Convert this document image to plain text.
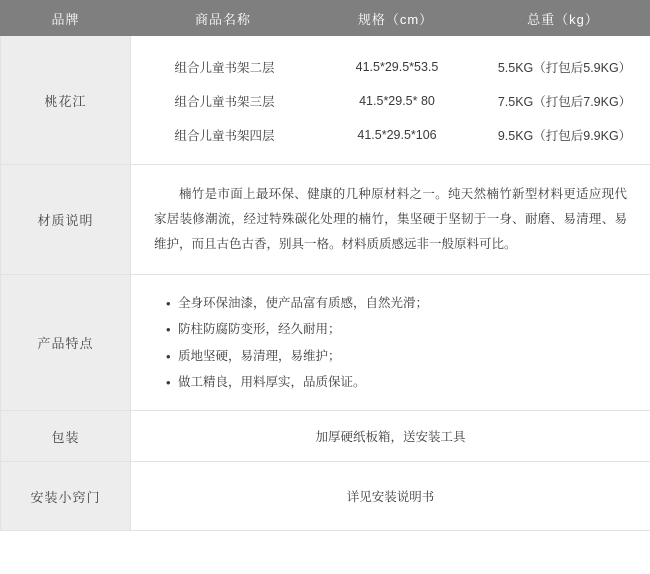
品牌	商品名称	规格（cm）	总重（kg）
桃花江	
组合儿童书架二层	41.5*29.5*53.5	5.5KG（打包后5.9KG）
组合儿童书架三层	41.5*29.5* 80	7.5KG（打包后7.9KG）
组合儿童书架四层	41.5*29.5*106	9.5KG（打包后9.9KG）

材质说明	
楠竹是市面上最环保、健康的几种原材料之一。纯天然楠竹新型材料更适应现代家居装修潮流，经过特殊碳化处理的楠竹，集坚硬于坚韧于一身、耐磨、易清理、易维护，而且古色古香，别具一格。材料质质感远非一般原料可比。

产品特点	
• 全身环保油漆，使产品富有质感，自然光滑；
• 防柱防腐防变形，经久耐用；
• 质地坚硬，易清理，易维护；
• 做工精良，用料厚实，品质保证。

包装	加厚硬纸板箱，送安装工具

安装小窍门	详见安装说明书
